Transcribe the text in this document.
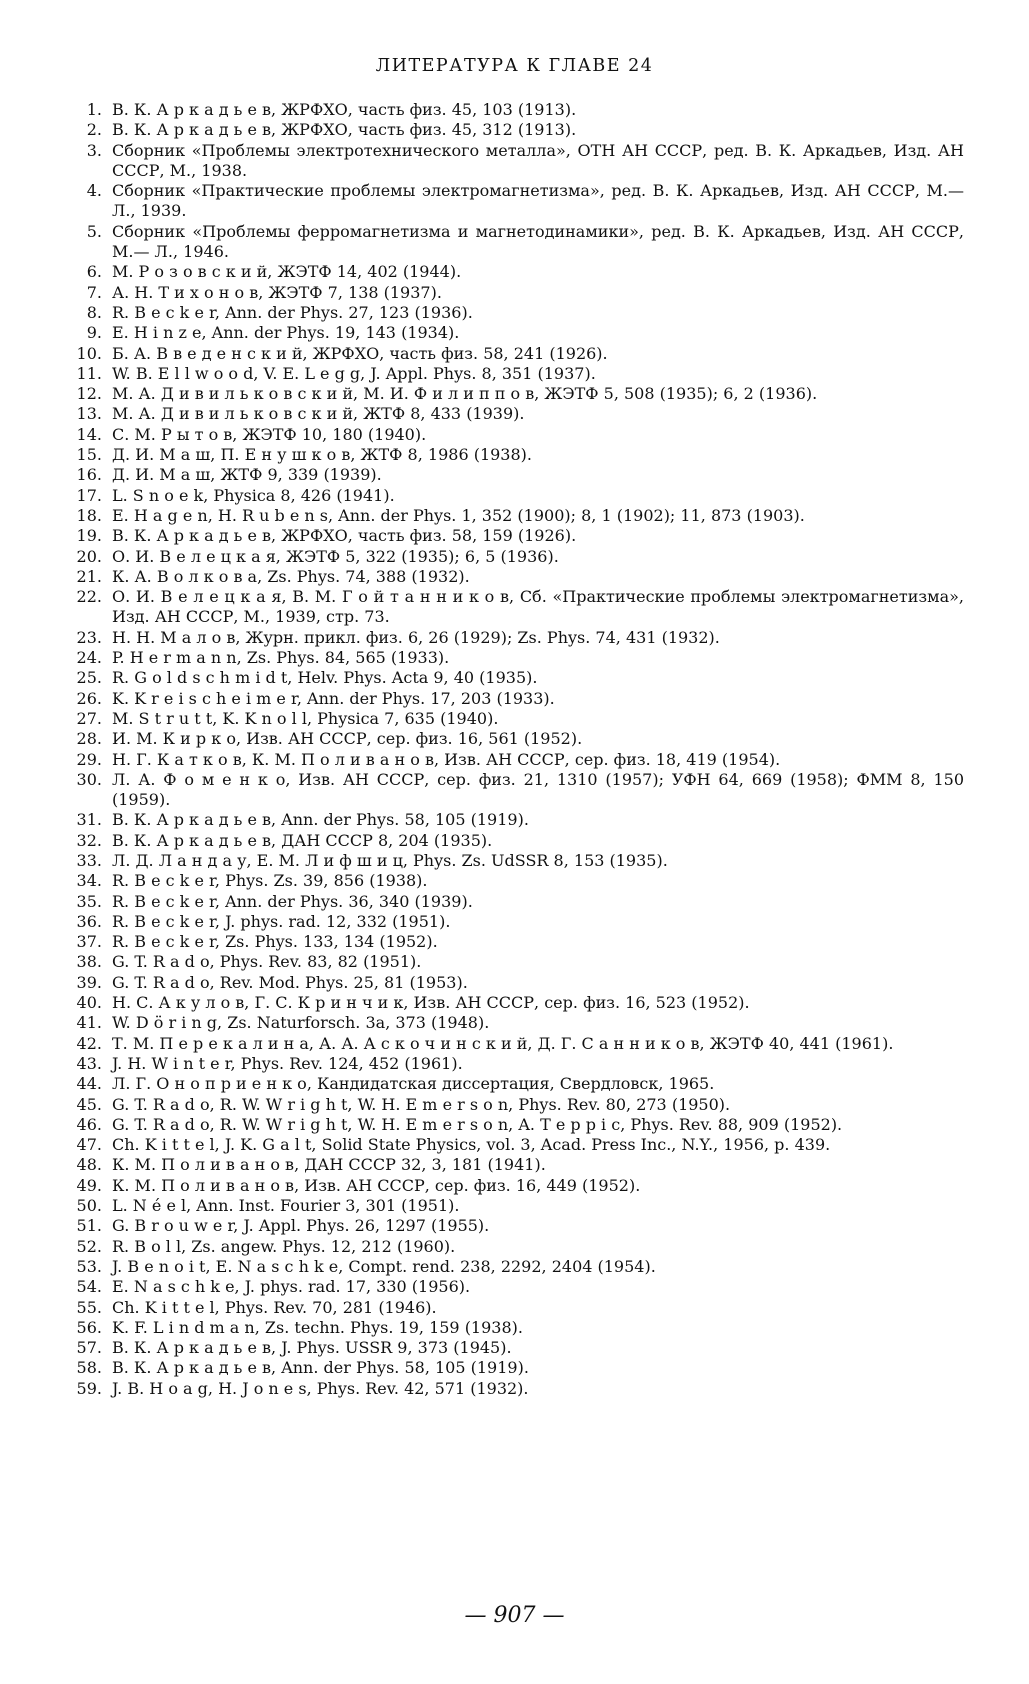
ЛИТЕРАТУРА К ГЛАВЕ 24
1. В. К. А р к а д ь е в, ЖРФХО, часть физ. 45, 103 (1913).
2. В. К. А р к а д ь е в, ЖРФХО, часть физ. 45, 312 (1913).
3. Сборник «Проблемы электротехнического металла», ОТН АН СССР, ред. В. К. Аркадьев, Изд. АН СССР, М., 1938.
4. Сборник «Практические проблемы электромагнетизма», ред. В. К. Аркадьев, Изд. АН СССР, М.— Л., 1939.
5. Сборник «Проблемы ферромагнетизма и магнетодинамики», ред. В. К. Аркадьев, Изд. АН СССР, М.— Л., 1946.
6. М. Р о з о в с к и й, ЖЭТФ 14, 402 (1944).
7. А. Н. Т и х о н о в, ЖЭТФ 7, 138 (1937).
8. R. B e c k e r, Ann. der Phys. 27, 123 (1936).
9. E. H i n z e, Ann. der Phys. 19, 143 (1934).
10. Б. А. В в е д е н с к и й, ЖРФХО, часть физ. 58, 241 (1926).
11. W. B. E l l w o o d, V. E. L e g g, J. Appl. Phys. 8, 351 (1937).
12. М. А. Д и в и л ь к о в с к и й, М. И. Ф и л и п п о в, ЖЭТФ 5, 508 (1935); 6, 2 (1936).
13. М. А. Д и в и л ь к о в с к и й, ЖТФ 8, 433 (1939).
14. С. М. Р ы т о в, ЖЭТФ 10, 180 (1940).
15. Д. И. М а ш, П. Е н у ш к о в, ЖТФ 8, 1986 (1938).
16. Д. И. М а ш, ЖТФ 9, 339 (1939).
17. L. S n o e k, Physica 8, 426 (1941).
18. E. H a g e n, H. R u b e n s, Ann. der Phys. 1, 352 (1900); 8, 1 (1902); 11, 873 (1903).
19. В. К. А р к а д ь е в, ЖРФХО, часть физ. 58, 159 (1926).
20. О. И. В е л е ц к а я, ЖЭТФ 5, 322 (1935); 6, 5 (1936).
21. К. А. В о л к о в а, Zs. Phys. 74, 388 (1932).
22. О. И. В е л е ц к а я, В. М. Г о й т а н н и к о в, Сб. «Практические проблемы электромагнетизма», Изд. АН СССР, М., 1939, стр. 73.
23. Н. Н. М а л о в, Журн. прикл. физ. 6, 26 (1929); Zs. Phys. 74, 431 (1932).
24. P. H e r m a n n, Zs. Phys. 84, 565 (1933).
25. R. G o l d s c h m i d t, Helv. Phys. Acta 9, 40 (1935).
26. K. K r e i s c h e i m e r, Ann. der Phys. 17, 203 (1933).
27. M. S t r u t t, K. K n o l l, Physica 7, 635 (1940).
28. И. М. К и р к о, Изв. АН СССР, сер. физ. 16, 561 (1952).
29. Н. Г. К а т к о в, К. М. П о л и в а н о в, Изв. АН СССР, сер. физ. 18, 419 (1954).
30. Л. А. Ф о м е н к о, Изв. АН СССР, сер. физ. 21, 1310 (1957); УФН 64, 669 (1958); ФММ 8, 150 (1959).
31. В. К. А р к а д ь е в, Ann. der Phys. 58, 105 (1919).
32. В. К. А р к а д ь е в, ДАН СССР 8, 204 (1935).
33. Л. Д. Л а н д а у, Е. М. Л и ф ш и ц, Phys. Zs. UdSSR 8, 153 (1935).
34. R. B e c k e r, Phys. Zs. 39, 856 (1938).
35. R. B e c k e r, Ann. der Phys. 36, 340 (1939).
36. R. B e c k e r, J. phys. rad. 12, 332 (1951).
37. R. B e c k e r, Zs. Phys. 133, 134 (1952).
38. G. T. R a d o, Phys. Rev. 83, 82 (1951).
39. G. T. R a d o, Rev. Mod. Phys. 25, 81 (1953).
40. Н. С. А к у л о в, Г. С. К р и н ч и к, Изв. АН СССР, сер. физ. 16, 523 (1952).
41. W. D ö r i n g, Zs. Naturforsch. 3a, 373 (1948).
42. Т. М. П е р е к а л и н а, А. А. А с к о ч и н с к и й, Д. Г. С а н н и к о в, ЖЭТФ 40, 441 (1961).
43. J. H. W i n t e r, Phys. Rev. 124, 452 (1961).
44. Л. Г. О н о п р и е н к о, Кандидатская диссертация, Свердловск, 1965.
45. G. T. R a d o, R. W. W r i g h t, W. H. E m e r s o n, Phys. Rev. 80, 273 (1950).
46. G. T. R a d o, R. W. W r i g h t, W. H. E m e r s o n, A. T e p p i c, Phys. Rev. 88, 909 (1952).
47. Ch. K i t t e l, J. K. G a l t, Solid State Physics, vol. 3, Acad. Press Inc., N.Y., 1956, p. 439.
48. К. М. П о л и в а н о в, ДАН СССР 32, 3, 181 (1941).
49. К. М. П о л и в а н о в, Изв. АН СССР, сер. физ. 16, 449 (1952).
50. L. N é e l, Ann. Inst. Fourier 3, 301 (1951).
51. G. B r o u w e r, J. Appl. Phys. 26, 1297 (1955).
52. R. B o l l, Zs. angew. Phys. 12, 212 (1960).
53. J. B e n o i t, E. N a s c h k e, Compt. rend. 238, 2292, 2404 (1954).
54. E. N a s c h k e, J. phys. rad. 17, 330 (1956).
55. Ch. K i t t e l, Phys. Rev. 70, 281 (1946).
56. K. F. L i n d m a n, Zs. techn. Phys. 19, 159 (1938).
57. В. К. А р к а д ь е в, J. Phys. USSR 9, 373 (1945).
58. В. К. А р к а д ь е в, Ann. der Phys. 58, 105 (1919).
59. J. B. H o a g, H. J o n e s, Phys. Rev. 42, 571 (1932).
— 907 —
